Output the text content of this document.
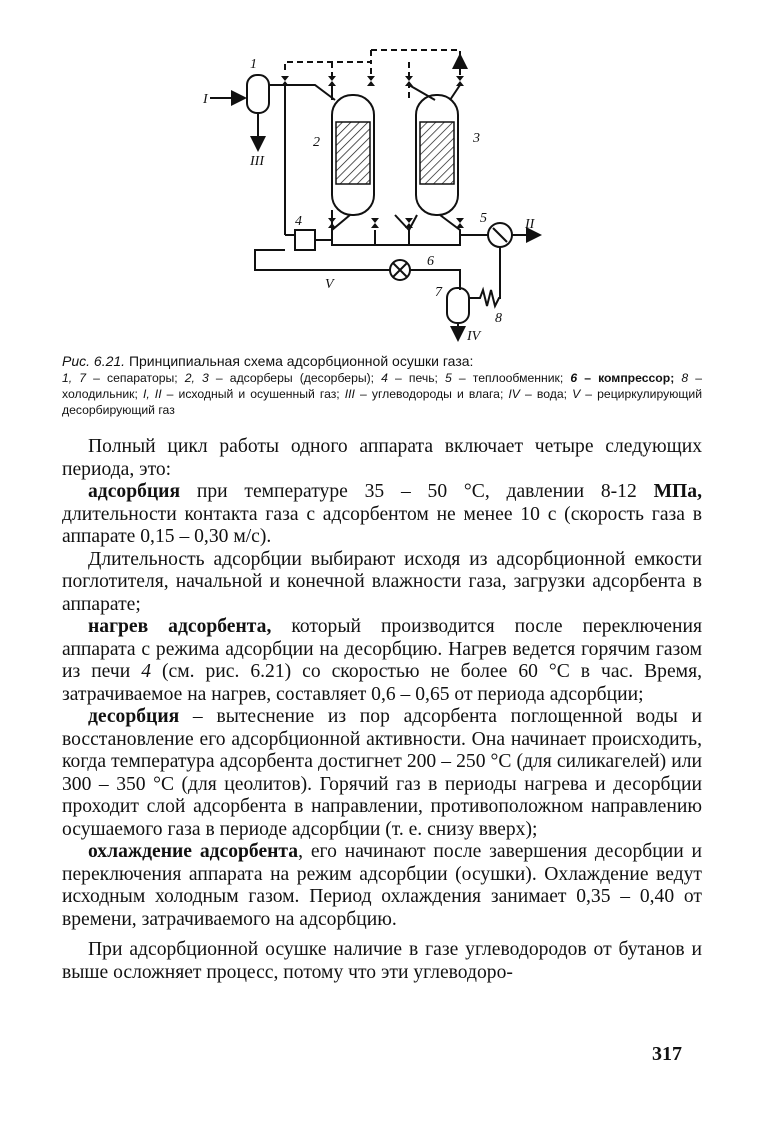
1
I
III
2	3
4	5	II
6
V
7
8
IV
Рис. 6.21. Принципиальная схема адсорбционной осушки газа:
1, 7 – сепараторы; 2, 3 – адсорберы (десорберы); 4 – печь; 5 – теплообменник; 6 – компрессор; 8 – холодильник; I, II – исходный и осушенный газ; III – углеводороды и влага; IV – вода; V – рециркулирующий десорбирующий газ

Полный цикл работы одного аппарата включает четыре следующих периода, это:

адсорбция при температуре 35 – 50 °С, давлении 8-12 МПа, длительности контакта газа с адсорбентом не менее 10 с (скорость газа в аппарате 0,15 – 0,30 м/с).

Длительность адсорбции выбирают исходя из адсорбционной емкости поглотителя, начальной и конечной влажности газа, загрузки адсорбента в аппарате;

нагрев адсорбента, который производится после переключения аппарата с режима адсорбции на десорбцию. Нагрев ведется горячим газом из печи 4 (см. рис. 6.21) со скоростью не более 60 °С в час. Время, затрачиваемое на нагрев, составляет 0,6 – 0,65 от периода адсорбции;

десорбция – вытеснение из пор адсорбента поглощенной воды и восстановление его адсорбционной активности. Она начинает происходить, когда температура адсорбента достигнет 200 – 250 °С (для силикагелей) или 300 – 350 °С (для цеолитов). Горячий газ в периоды нагрева и десорбции проходит слой адсорбента в направлении, противоположном направлению осушаемого газа в периоде адсорбции (т. е. снизу вверх);

охлаждение адсорбента, его начинают после завершения десорбции и переключения аппарата на режим адсорбции (осушки). Охлаждение ведут исходным холодным газом. Период охлаждения занимает 0,35 – 0,40 от времени, затрачиваемого на адсорбцию.

При адсорбционной осушке наличие в газе углеводородов от бутанов и выше осложняет процесс, потому что эти углеводоро-

317
